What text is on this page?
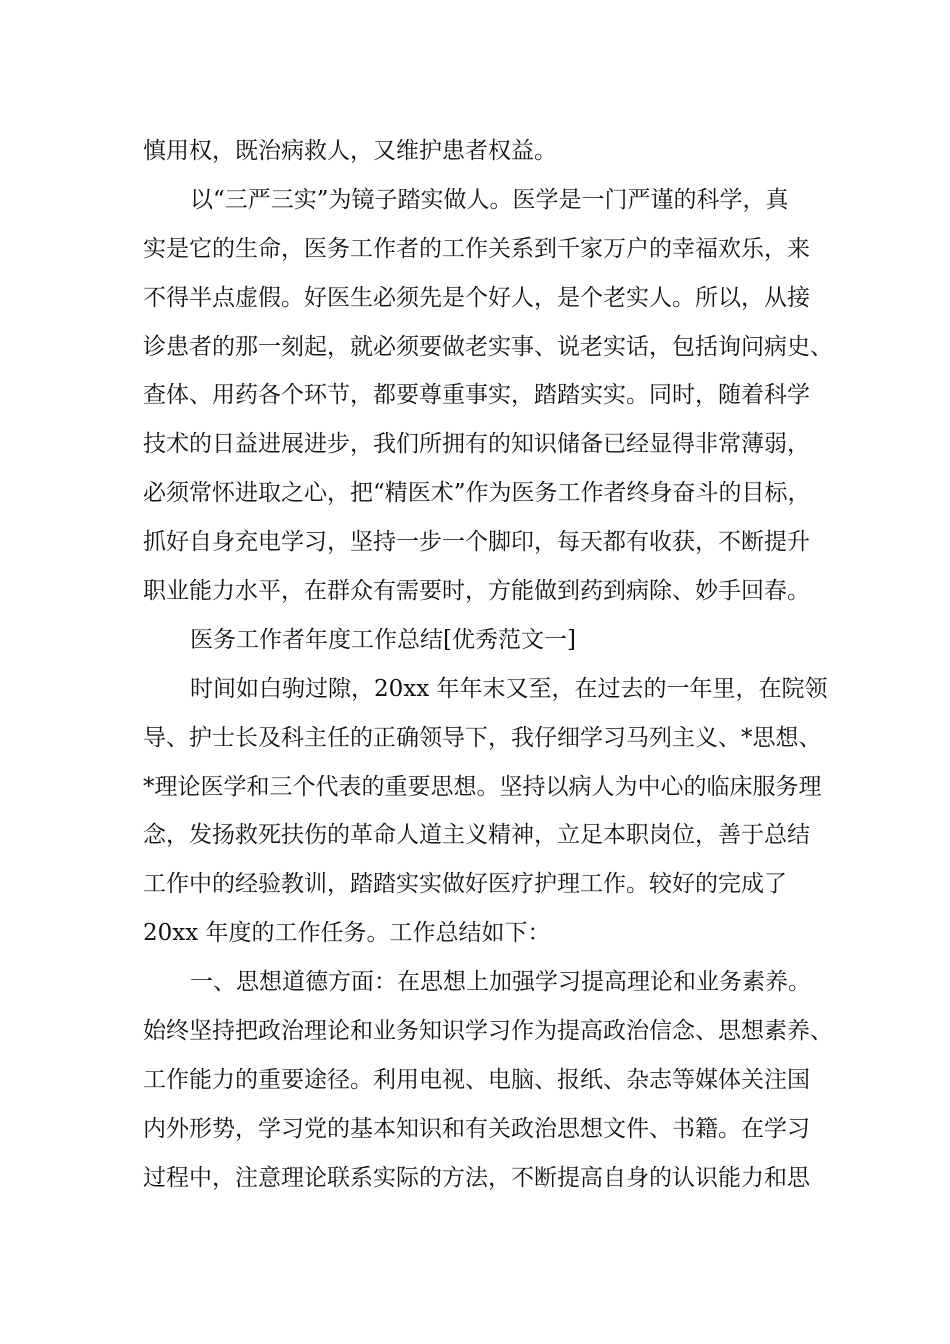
慎用权，既治病救人，又维护患者权益。
以“三严三实”为镜子踏实做人。医学是一门严谨的科学，真
实是它的生命，医务工作者的工作关系到千家万户的幸福欢乐，来
不得半点虚假。好医生必须先是个好人，是个老实人。所以，从接
诊患者的那一刻起，就必须要做老实事、说老实话，包括询问病史、
查体、用药各个环节，都要尊重事实，踏踏实实。同时，随着科学
技术的日益进展进步，我们所拥有的知识储备已经显得非常薄弱，
必须常怀进取之心，把“精医术”作为医务工作者终身奋斗的目标，
抓好自身充电学习，坚持一步一个脚印，每天都有收获，不断提升
职业能力水平，在群众有需要时，方能做到药到病除、妙手回春。
医务工作者年度工作总结[优秀范文一]
时间如白驹过隙，20xx 年年末又至，在过去的一年里，在院领
导、护士长及科主任的正确领导下，我仔细学习马列主义、*思想、
*理论医学和三个代表的重要思想。坚持以病人为中心的临床服务理
念，发扬救死扶伤的革命人道主义精神，立足本职岗位，善于总结
工作中的经验教训，踏踏实实做好医疗护理工作。较好的完成了
20xx 年度的工作任务。工作总结如下：
一、思想道德方面：在思想上加强学习提高理论和业务素养。
始终坚持把政治理论和业务知识学习作为提高政治信念、思想素养、
工作能力的重要途径。利用电视、电脑、报纸、杂志等媒体关注国
内外形势，学习党的基本知识和有关政治思想文件、书籍。在学习
过程中，注意理论联系实际的方法，不断提高自身的认识能力和思
